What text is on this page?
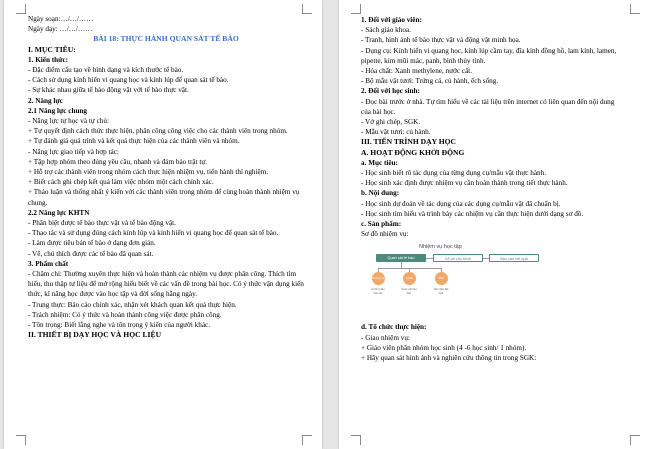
Ngày soạn:…/…/……
Ngày dạy: …/…/……
BÀI 18: THỰC HÀNH QUAN SÁT TẾ BÀO
I. MỤC TIÊU:
1. Kiến thức:
- Đặc điểm cấu tạo về hình dạng và kích thước tế bào.
- Cách sử dụng kính hiển vi quang học và kính lúp để quan sát tế bào.
- Sự khác nhau giữa tế bào động vật với tế bào thực vật.
2. Năng lực
2.1 Năng lực chung
- Năng lực tự học và tự chủ:
+ Tự quyết định cách thức thực hiện, phân công công việc cho các thành viên trong nhóm.
+ Tự đánh giá quá trình và kết quả thực hiện của các thành viên và nhóm.
- Năng lực giao tiếp và hợp tác:
+ Tập hợp nhóm theo đúng yêu cầu, nhanh và đảm bảo trật tự.
+ Hỗ trợ các thành viên trong nhóm cách thực hiện nhiệm vụ, tiến hành thí nghiệm.
+ Biết cách ghi chép kết quả làm việc nhóm một cách chính xác.
+ Thảo luận và thống nhất ý kiến với các thành viên trong nhóm để cùng hoàn thành nhiệm vụ chung.
2.2 Năng lực KHTN
- Phân biệt được tế bào thực vật và tế bào động vật.
- Thao tác và sử dụng đúng cách kính lúp và kính hiển vi quang học để quan sát tế bào.
- Làm được tiêu bản tế bào ở dạng đơn giản.
- Vẽ, chú thích được các tế bào đã quan sát.
3. Phẩm chất
- Chăm chỉ: Thường xuyên thực hiện và hoàn thành các nhiệm vụ được phân công. Thích tìm hiểu, thu thập tư liệu để mở rộng hiểu biết về các vấn đề trong bài học. Có ý thức vận dụng kiến thức, kĩ năng học được vào học tập và đời sống hằng ngày.
- Trung thực: Báo cáo chính xác, nhận xét khách quan kết quả thực hiện.
- Trách nhiệm: Có ý thức và hoàn thành công việc được phân công.
- Tôn trọng: Biết lắng nghe và tôn trọng ý kiến của người khác.
II. THIẾT BỊ DẠY HỌC VÀ HỌC LIỆU
1. Đối với giáo viên:
- Sách giáo khoa.
- Tranh, hình ảnh tế bào thực vật và động vật minh họa.
- Dụng cụ: Kính hiển vi quang học, kính lúp cầm tay, đĩa kính đồng hồ, lam kính, lamen, pipette, kim mũi mác, panh, bình thủy tinh.
- Hóa chất: Xanh methylene, nước cất.
- Bộ mẫu vật tươi: Trứng cá, củ hành, ếch sống.
2. Đối với học sinh:
- Đọc bài trước ở nhà. Tự tìm hiểu về các tài liệu trên internet có liên quan đến nội dung của bài học.
- Vở ghi chép, SGK.
- Mẫu vật tươi: củ hành.
III. TIẾN TRÌNH DẠY HỌC
A. HOẠT ĐỘNG KHỞI ĐỘNG
a. Mục tiêu:
- Học sinh biết rõ tác dụng của từng dụng cụ/mẫu vật thực hành.
- Học sinh xác định được nhiệm vụ cần hoàn thành trong tiết thực hành.
b. Nội dung:
- Học sinh dự đoán về tác dụng của các dụng cụ/mẫu vật đã chuẩn bị.
- Học sinh tìm hiểu và trình bày các nhiệm vụ cần thực hiện dưới dạng sơ đồ.
c. Sản phẩm:
Sơ đồ nhiệm vụ:
Nhiệm vụ học tập
Quan sát tế bào	Vẽ và chú thích	Báo cáo kết quả
Trứng cá	Hành	Ếch
Hướng dẫn thao tác
Quan sát tiêu bản
Ghi nhận kết quả
d. Tổ chức thực hiện:
- Giao nhiệm vụ:
+ Giáo viên phân nhóm học sinh (4 -6 học sinh/ 1 nhóm).
+ Hãy quan sát hình ảnh và nghiên cứu thông tin trong SGK:
